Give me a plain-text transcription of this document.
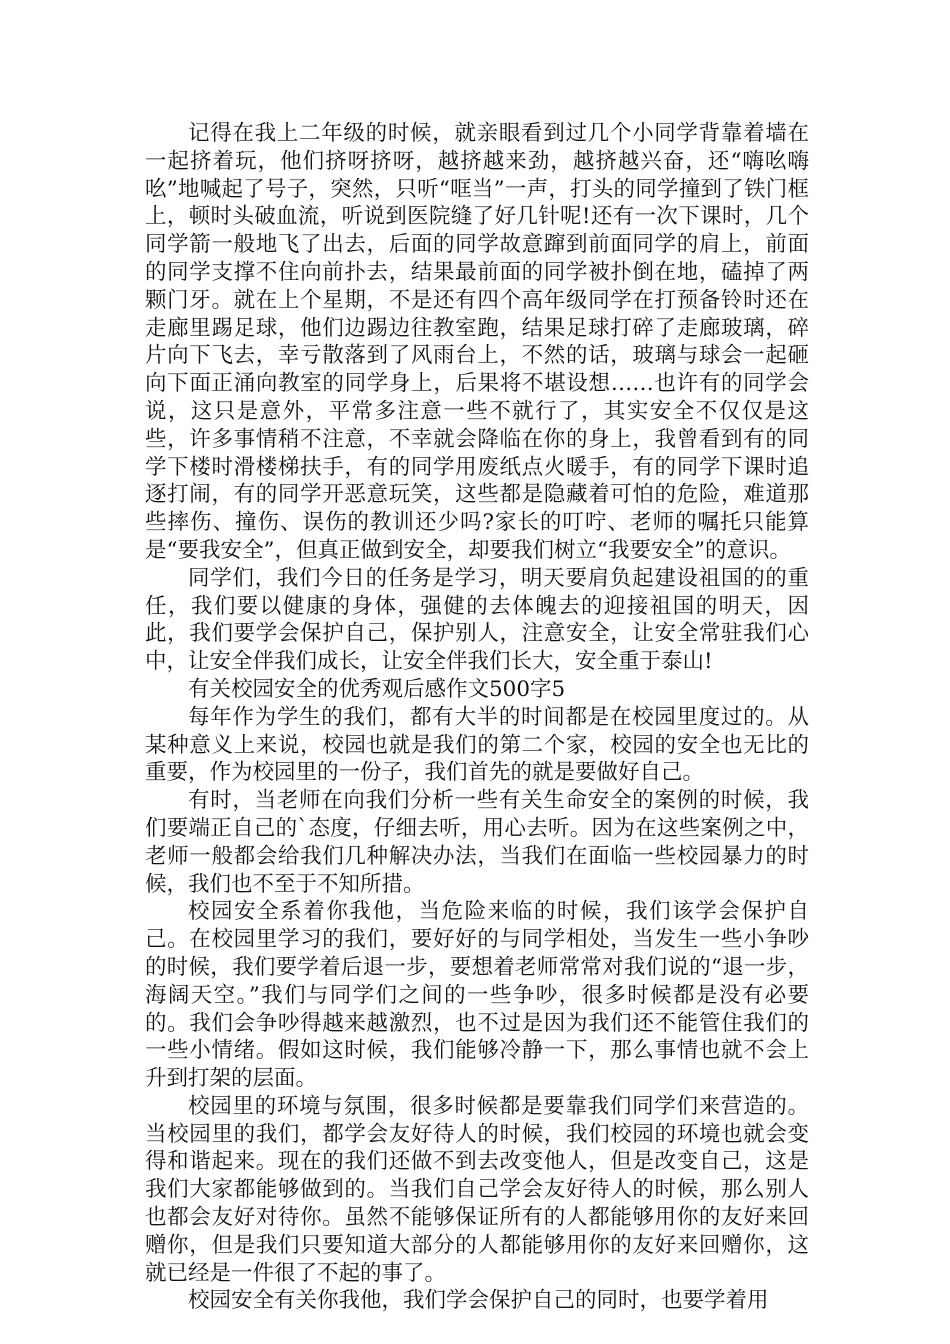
记得在我上二年级的时候，就亲眼看到过几个小同学背靠着墙在一起挤着玩，他们挤呀挤呀，越挤越来劲，越挤越兴奋，还“嗨吆嗨吆”地喊起了号子，突然，只听“哐当”一声，打头的同学撞到了铁门框上，顿时头破血流，听说到医院缝了好几针呢!还有一次下课时，几个同学箭一般地飞了出去，后面的同学故意蹿到前面同学的肩上，前面的同学支撑不住向前扑去，结果最前面的同学被扑倒在地，磕掉了两颗门牙。就在上个星期，不是还有四个高年级同学在打预备铃时还在走廊里踢足球，他们边踢边往教室跑，结果足球打碎了走廊玻璃，碎片向下飞去，幸亏散落到了风雨台上，不然的话，玻璃与球会一起砸向下面正涌向教室的同学身上，后果将不堪设想……也许有的同学会说，这只是意外，平常多注意一些不就行了，其实安全不仅仅是这些，许多事情稍不注意，不幸就会降临在你的身上，我曾看到有的同学下楼时滑楼梯扶手，有的同学用废纸点火暖手，有的同学下课时追逐打闹，有的同学开恶意玩笑，这些都是隐藏着可怕的危险，难道那些摔伤、撞伤、误伤的教训还少吗?家长的叮咛、老师的嘱托只能算是“要我安全”，但真正做到安全，却要我们树立“我要安全”的意识。

同学们，我们今日的任务是学习，明天要肩负起建设祖国的的重任，我们要以健康的身体，强健的去体魄去的迎接祖国的明天，因此，我们要学会保护自己，保护别人，注意安全，让安全常驻我们心中，让安全伴我们成长，让安全伴我们长大，安全重于泰山!

有关校园安全的优秀观后感作文500字5

每年作为学生的我们，都有大半的时间都是在校园里度过的。从某种意义上来说，校园也就是我们的第二个家，校园的安全也无比的重要，作为校园里的一份子，我们首先的就是要做好自己。

有时，当老师在向我们分析一些有关生命安全的案例的时候，我们要端正自己的`态度，仔细去听，用心去听。因为在这些案例之中，老师一般都会给我们几种解决办法，当我们在面临一些校园暴力的时候，我们也不至于不知所措。

校园安全系着你我他，当危险来临的时候，我们该学会保护自己。在校园里学习的我们，要好好的与同学相处，当发生一些小争吵的时候，我们要学着后退一步，要想着老师常常对我们说的“退一步，海阔天空。”我们与同学们之间的一些争吵，很多时候都是没有必要的。我们会争吵得越来越激烈，也不过是因为我们还不能管住我们的一些小情绪。假如这时候，我们能够冷静一下，那么事情也就不会上升到打架的层面。

校园里的环境与氛围，很多时候都是要靠我们同学们来营造的。当校园里的我们，都学会友好待人的时候，我们校园的环境也就会变得和谐起来。现在的我们还做不到去改变他人，但是改变自己，这是我们大家都能够做到的。当我们自己学会友好待人的时候，那么别人也都会友好对待你。虽然不能够保证所有的人都能够用你的友好来回赠你，但是我们只要知道大部分的人都能够用你的友好来回赠你，这就已经是一件很了不起的事了。

校园安全有关你我他，我们学会保护自己的同时，也要学着用
